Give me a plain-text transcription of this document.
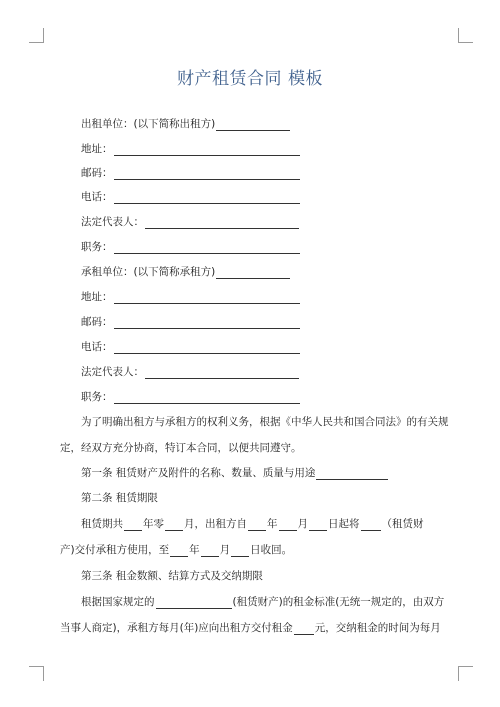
财产租赁合同 模板
出租单位：(以下简称出租方)
地址：
邮码：
电话：
法定代表人：
职务：
承租单位：(以下简称承租方)
地址：
邮码：
电话：
法定代表人：
职务：
为了明确出租方与承租方的权利义务，根据《中华人民共和国合同法》的有关规
定，经双方充分协商，特订本合同，以便共同遵守。
第一条 租赁财产及附件的名称、数量、质量与用途
第二条 租赁期限
租赁期共 年零 月，出租方自 年 月 日起将 （租赁财
产)交付承租方使用，至 年 月 日收回。
第三条 租金数额、结算方式及交纳期限
根据国家规定的	(租赁财产)的租金标准(无统一规定的，由双方
当事人商定)，承租方每月(年)应向出租方交付租金 元，交纳租金的时间为每月
